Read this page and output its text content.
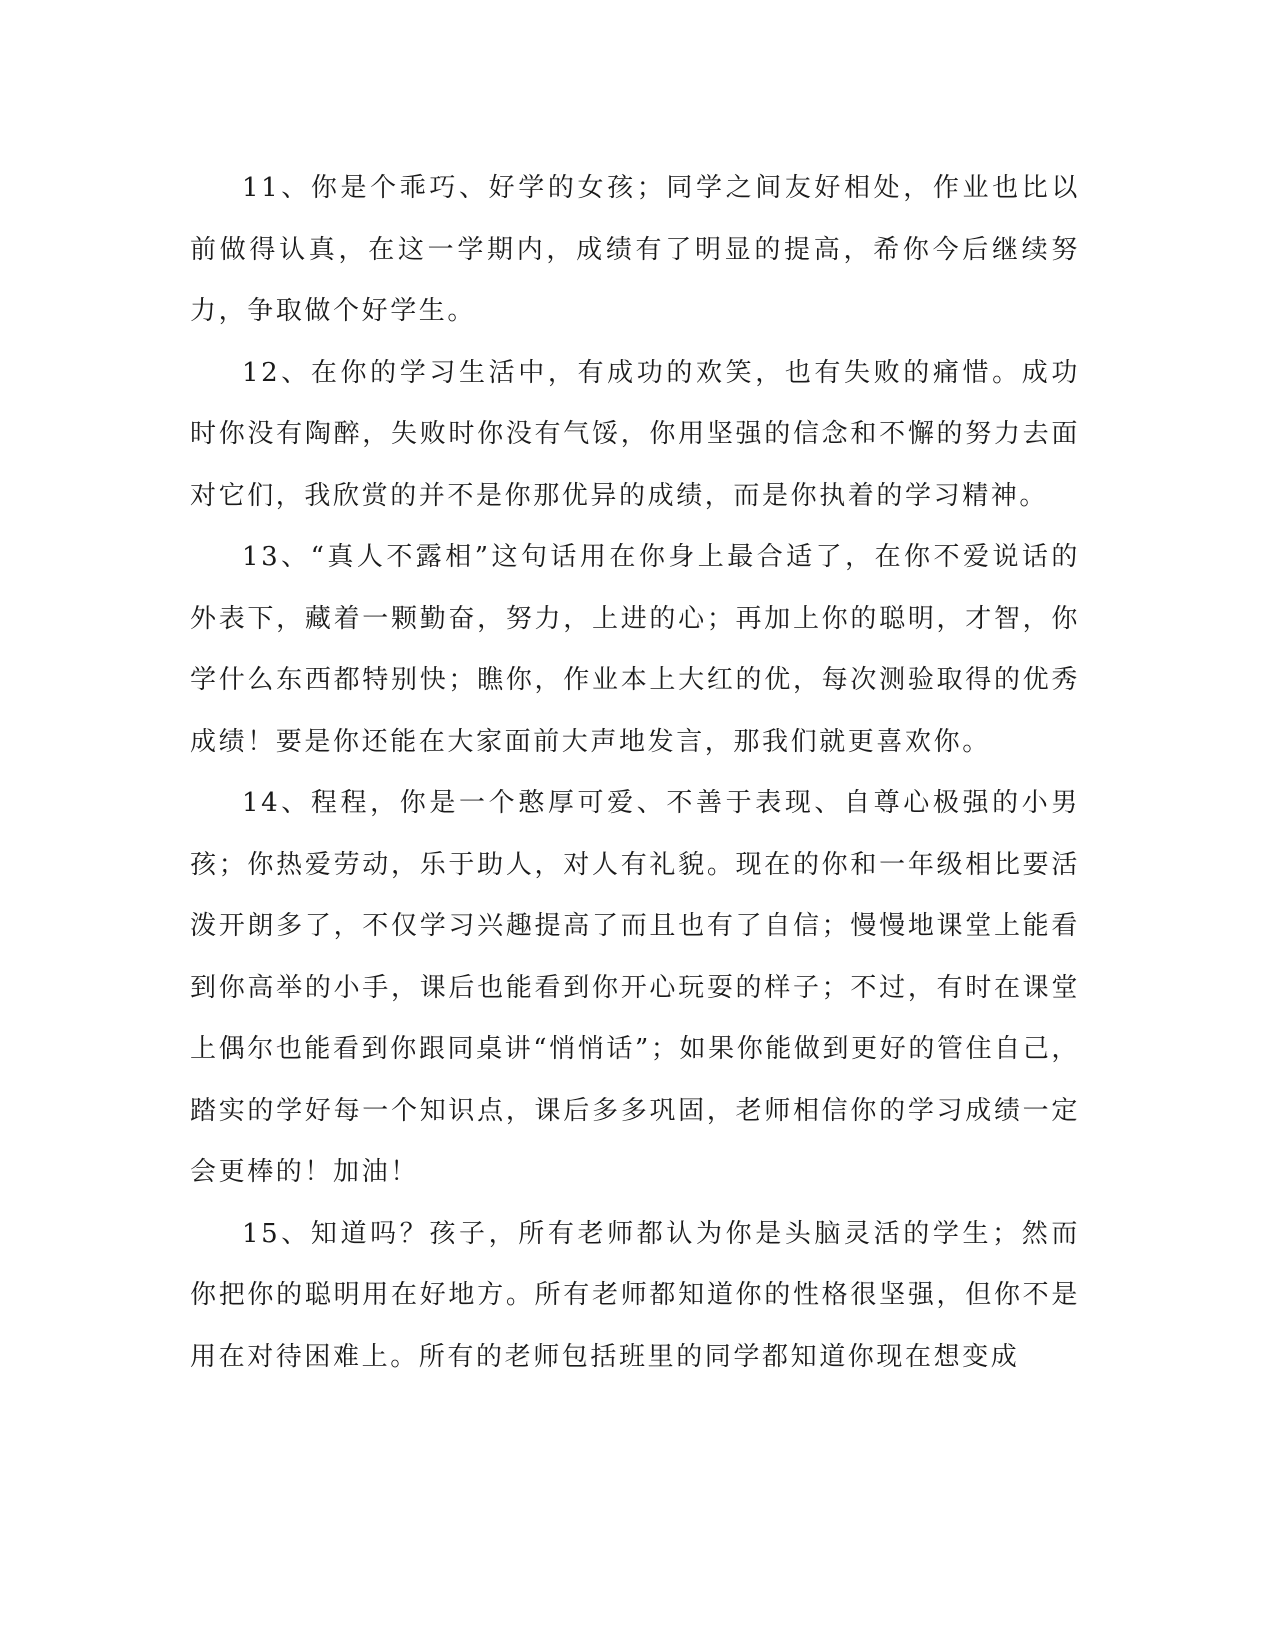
11、你是个乖巧、好学的女孩；同学之间友好相处，作业也比以前做得认真，在这一学期内，成绩有了明显的提高，希你今后继续努力，争取做个好学生。

12、在你的学习生活中，有成功的欢笑，也有失败的痛惜。成功时你没有陶醉，失败时你没有气馁，你用坚强的信念和不懈的努力去面对它们，我欣赏的并不是你那优异的成绩，而是你执着的学习精神。

13、“真人不露相”这句话用在你身上最合适了，在你不爱说话的外表下，藏着一颗勤奋，努力，上进的心；再加上你的聪明，才智，你学什么东西都特别快；瞧你，作业本上大红的优，每次测验取得的优秀成绩！要是你还能在大家面前大声地发言，那我们就更喜欢你。

14、程程，你是一个憨厚可爱、不善于表现、自尊心极强的小男孩；你热爱劳动，乐于助人，对人有礼貌。现在的你和一年级相比要活泼开朗多了，不仅学习兴趣提高了而且也有了自信；慢慢地课堂上能看到你高举的小手，课后也能看到你开心玩耍的样子；不过，有时在课堂上偶尔也能看到你跟同桌讲“悄悄话”；如果你能做到更好的管住自己，踏实的学好每一个知识点，课后多多巩固，老师相信你的学习成绩一定会更棒的！加油！

15、知道吗？孩子，所有老师都认为你是头脑灵活的学生；然而你把你的聪明用在好地方。所有老师都知道你的性格很坚强，但你不是用在对待困难上。所有的老师包括班里的同学都知道你现在想变成
